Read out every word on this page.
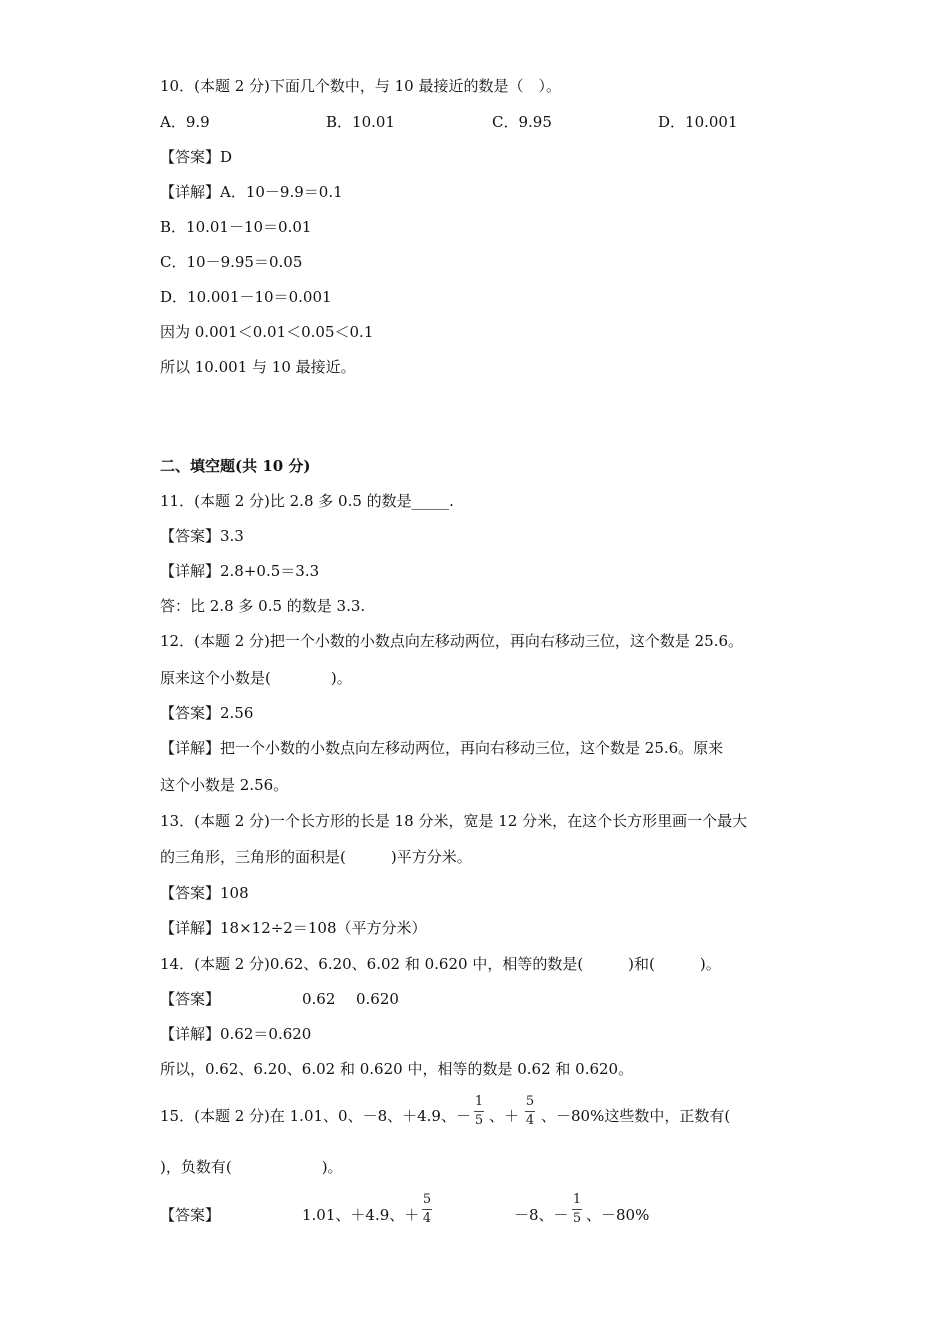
10．(本题 2 分)下面几个数中，与 10 最接近的数是（　）。
A．9.9	B．10.01	C．9.95	D．10.001
【答案】D
【详解】A．10－9.9＝0.1
B．10.01－10＝0.01
C．10－9.95＝0.05
D．10.001－10＝0.001
因为 0.001＜0.01＜0.05＜0.1
所以 10.001 与 10 最接近。
二、填空题(共 10 分)
11．(本题 2 分)比 2.8 多 0.5 的数是_____.
【答案】3.3
【详解】2.8+0.5＝3.3
答：比 2.8 多 0.5 的数是 3.3.
12．(本题 2 分)把一个小数的小数点向左移动两位，再向右移动三位，这个数是 25.6。
原来这个小数是(　　　　)。
【答案】2.56
【详解】把一个小数的小数点向左移动两位，再向右移动三位，这个数是 25.6。原来
这个小数是 2.56。
13．(本题 2 分)一个长方形的长是 18 分米，宽是 12 分米，在这个长方形里画一个最大
的三角形，三角形的面积是(　　　)平方分米。
【答案】108
【详解】18×12÷2＝108（平方分米）
14．(本题 2 分)0.62、6.20、6.02 和 0.620 中，相等的数是(　　　)和(　　　)。
【答案】	0.62 0.620
【详解】0.62＝0.620
所以，0.62、6.20、6.02 和 0.620 中，相等的数是 0.62 和 0.620。
15．(本题 2 分)在 1.01、0、－8、＋4.9、－
1
5 、＋
5
4 、－80%这些数中，正数有(
)，负数有(　　　　　　)。
【答案】	1.01、＋4.9、＋
5
4	－8、－
1
5 、－80%
